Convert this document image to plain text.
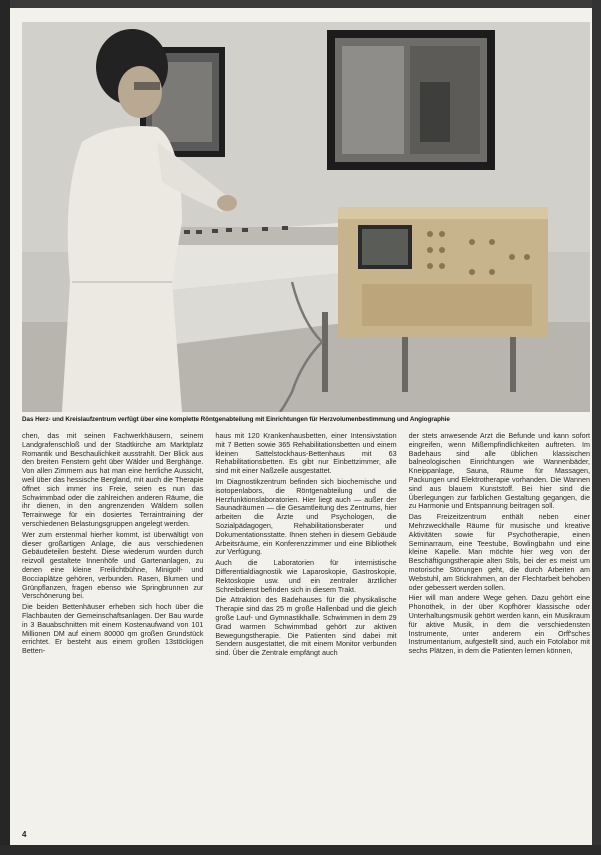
Das Herz- und Kreislaufzentrum verfügt über eine komplette Röntgenabteilung mit Einrichtungen für Herzvolumenbestimmung und Angiographie

chen, das mit seinen Fachwerkhäusern, seinem Landgrafenschloß und der Stadtkirche am Marktplatz Romantik und Beschaulichkeit ausstrahlt. Der Blick aus den breiten Fenstern geht über Wälder und Berghänge. Von allen Zimmern aus hat man eine herrliche Aussicht, weil über das hessische Bergland, mit auch die Therapie öffnet sich immer ins Freie, seien es nun das Schwimmbad oder die zahlreichen anderen Räume, die ihr dienen, in den angrenzenden Wäldern sollen Terrainwege für ein dosiertes Terraintraining der verschiedenen Belastungsgruppen angelegt werden.

Wer zum erstenmal hierher kommt, ist überwältigt von dieser großartigen Anlage, die aus verschiedenen Gebäudeteilen besteht. Diese wiederum wurden durch reizvoll gestaltete Innenhöfe und Gartenanlagen, zu denen eine kleine Freilichtbühne, Minigolf- und Bocciaplätze gehören, verbunden. Rasen, Blumen und Grünpflanzen, fragen ebenso wie Springbrunnen zur Verschönerung bei.

Die beiden Bettenhäuser erheben sich hoch über die Flachbauten der Gemeinschaftsanlagen. Der Bau wurde in 3 Bauabschnitten mit einem Kostenaufwand von 101 Millionen DM auf einem 80000 qm großen Grundstück errichtet. Er besteht aus einem großen 13stöckigen Betten-

haus mit 120 Krankenhausbetten, einer Intensivstation mit 7 Betten sowie 365 Rehabilitationsbetten und einem kleinen Sattelstockhaus-Bettenhaus mit 63 Rehabilitationsbetten. Es gibt nur Einbettzimmer, alle sind mit einer Naßzelle ausgestattet.

Im Diagnostikzentrum befinden sich biochemische und isotopenlabors, die Röntgenabteilung und die Herzfunktionslaboratorien. Hier liegt auch — außer der Saunadräumen — die Gesamtleitung des Zentrums, hier arbeiten die Ärzte und Psychologen, die Sozialpädagogen, Rehabilitationsberater und Dokumentationsstatte. Ihnen stehen in diesem Gebäude Arbeitsräume, ein Konferenzzimmer und eine Bibliothek zur Verfügung.

Auch die Laboratorien für internistische Differentialdiagnostik wie Laparoskopie, Gastroskopie, Rektoskopie usw. und ein zentraler ärztlicher Schreibdienst befinden sich in diesem Trakt.

Die Attraktion des Badehauses für die physikalische Therapie sind das 25 m große Hallenbad und die gleich große Lauf- und Gymnastikhalle. Schwimmen in dem 29 Grad warmen Schwimmbad gehört zur aktiven Bewegungstherapie. Die Patienten sind dabei mit Sendern ausgestattet, die mit einem Monitor verbunden sind. Über die Zentrale empfängt auch

der stets anwesende Arzt die Befunde und kann sofort eingreifen, wenn Mißempfindlichkeiten auftreten. Im Badehaus sind alle üblichen klassischen balneologischen Einrichtungen wie Wannenbäder, Kneippanlage, Sauna, Räume für Massagen, Packungen und Elektrotherapie vorhanden. Die Wannen sind aus blauem Kunststoff. Bei hier sind die Überlegungen zur farblichen Gestaltung gegangen, die zu Harmonie und Entspannung beitragen soll.

Das Freizeitzentrum enthält neben einer Mehrzweckhalle Räume für musische und kreative Aktivitäten sowie für Psychotherapie, einen Seminarraum, eine Teestube, Bowlingbahn und eine kleine Kapelle. Man möchte hier weg von der Beschäftigungstherapie alten Stils, bei der es meist um motorische Störungen geht, die durch Arbeiten am Webstuhl, am Stickrahmen, an der Flechtarbeit behoben oder gebessert werden sollen.

Hier will man andere Wege gehen. Dazu gehört eine Phonothek, in der über Kopfhörer klassische oder Unterhaltungsmusik gehört werden kann, ein Musikraum für aktive Musik, in dem die verschiedensten Instrumente, unter anderem ein Orff'sches Instrumentarium, aufgestellt sind, auch ein Fotolabor mit sechs Plätzen, in dem die Patienten lernen können,

4
